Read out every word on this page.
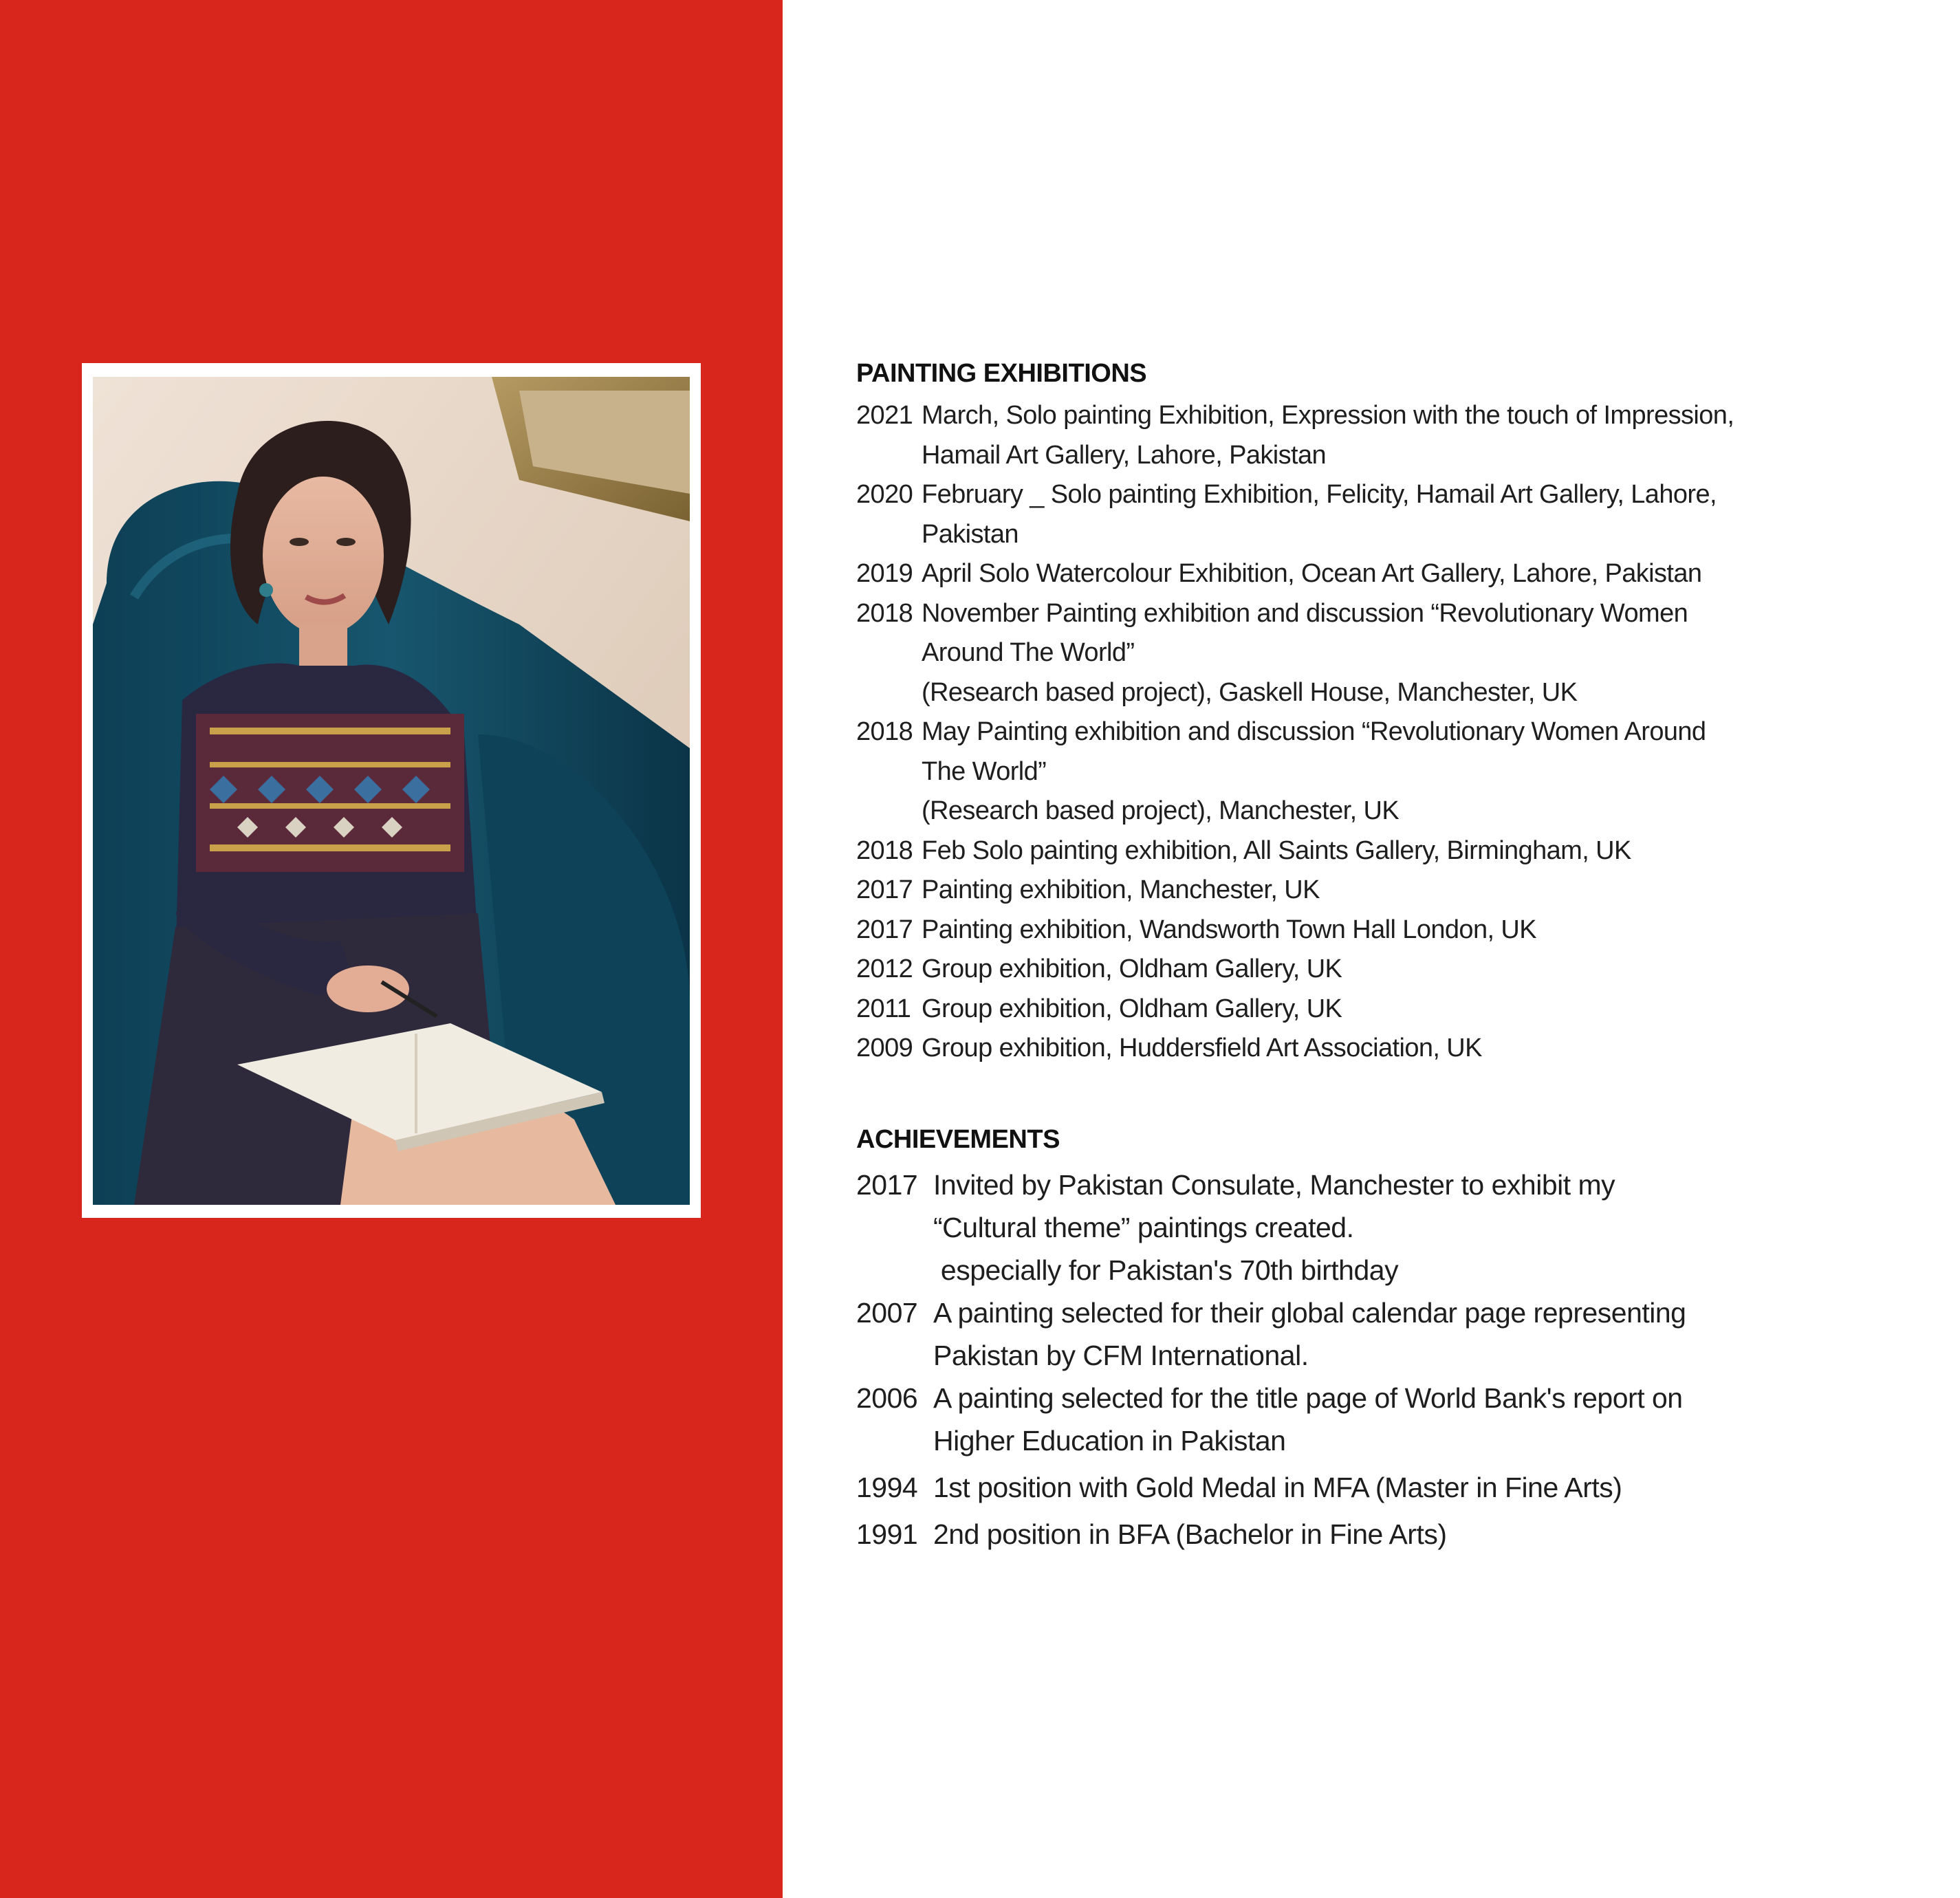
PAINTING EXHIBITIONS
2021 March, Solo painting Exhibition, Expression with the touch of Impression,
Hamail Art Gallery, Lahore, Pakistan
2020 February _ Solo painting Exhibition, Felicity, Hamail Art Gallery, Lahore,
Pakistan
2019 April Solo Watercolour Exhibition, Ocean Art Gallery, Lahore, Pakistan
2018 November Painting exhibition and discussion “Revolutionary Women
Around The World”
(Research based project), Gaskell House, Manchester, UK
2018 May Painting exhibition and discussion “Revolutionary Women Around
The World”
(Research based project), Manchester, UK
2018 Feb Solo painting exhibition, All Saints Gallery, Birmingham, UK
2017 Painting exhibition, Manchester, UK
2017 Painting exhibition, Wandsworth Town Hall London, UK
2012 Group exhibition, Oldham Gallery, UK
2011 Group exhibition, Oldham Gallery, UK
2009 Group exhibition, Huddersfield Art Association, UK
ACHIEVEMENTS
2017 Invited by Pakistan Consulate, Manchester to exhibit my
“Cultural theme” paintings created.
especially for Pakistan's 70th birthday
2007 A painting selected for their global calendar page representing
Pakistan by CFM International.
2006 A painting selected for the title page of World Bank's report on
Higher Education in Pakistan
1994 1st position with Gold Medal in MFA (Master in Fine Arts)
1991 2nd position in BFA (Bachelor in Fine Arts)
